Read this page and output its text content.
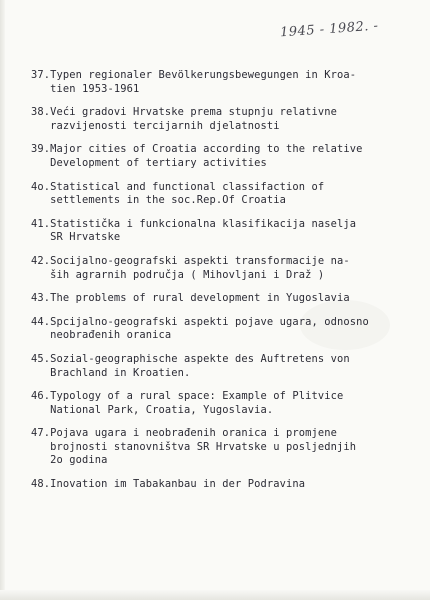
1945 - 1982. -
37. Typen regionaler Bevölkerungsbewegungen in Kroa-
tien 1953-1961
38. Veći gradovi Hrvatske prema stupnju relativne
razvijenosti tercijarnih djelatnosti
39. Major cities of Croatia according to the relative
Development of tertiary activities
4o. Statistical and functional classifaction of
settlements in the soc.Rep.Of Croatia
41. Statistička i funkcionalna klasifikacija naselja
SR Hrvatske
42. Socijalno-geografski aspekti transformacije na-
ših agrarnih područja ( Mihovljani i Draž )
43. The problems of rural development in Yugoslavia
44. Spcijalno-geografski aspekti pojave ugara, odnosno
neobrađenih oranica
45. Sozial-geographische aspekte des Auftretens von
Brachland in Kroatien.
46. Typology of a rural space: Example of Plitvice
National Park, Croatia, Yugoslavia.
47. Pojava ugara i neobrađenih oranica i promjene
brojnosti stanovništva SR Hrvatske u posljednjih
2o godina
48. Inovation im Tabakanbau in der Podravina
